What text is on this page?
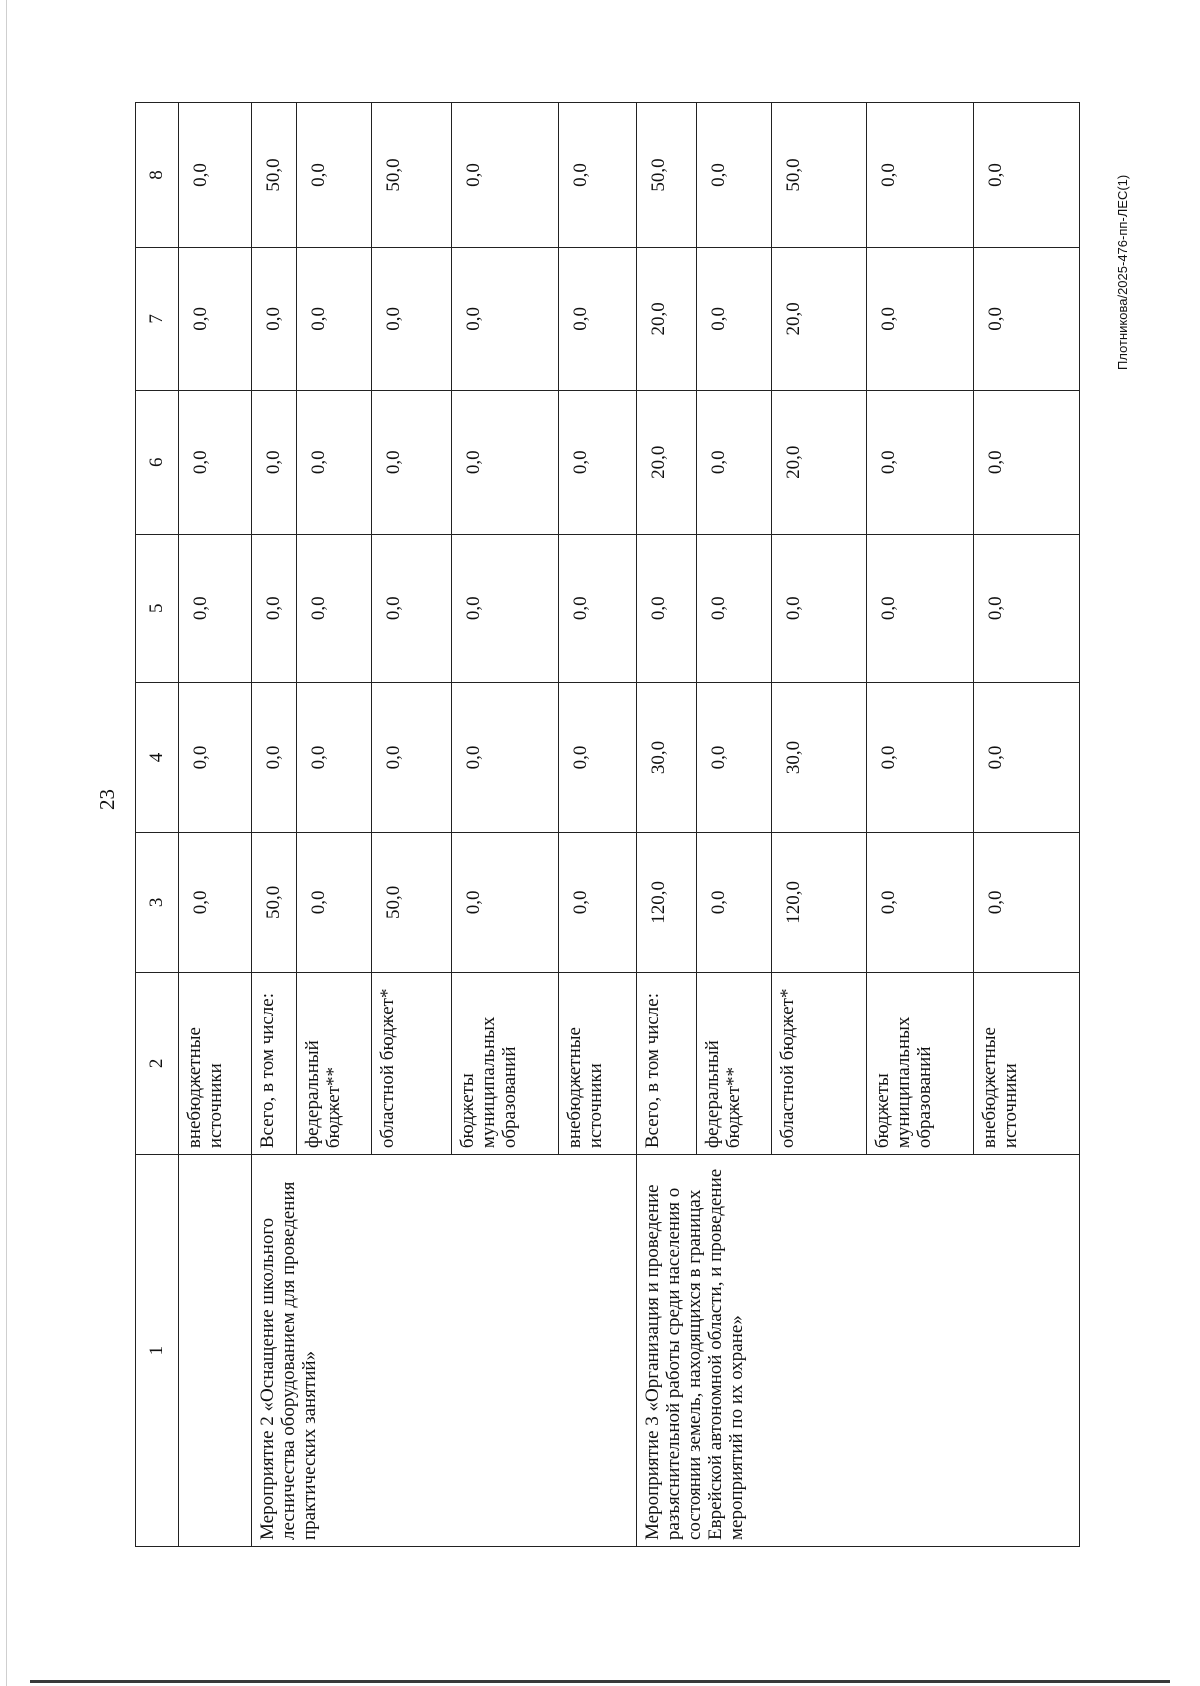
23
Плотникова/2025-476-пп-ЛЕС(1)
1	2	3	4	5	6	7	8
	внебюджетные источники	0,0	0,0	0,0	0,0	0,0	0,0
Мероприятие 2 «Оснащение школьного лесничества оборудованием для проведения практических занятий»	Всего, в том числе:	50,0	0,0	0,0	0,0	0,0	50,0
	федеральный бюджет**	0,0	0,0	0,0	0,0	0,0	0,0
	областной бюджет*	50,0	0,0	0,0	0,0	0,0	50,0
	бюджеты муниципальных образований	0,0	0,0	0,0	0,0	0,0	0,0
	внебюджетные источники	0,0	0,0	0,0	0,0	0,0	0,0
Мероприятие 3 «Организация и проведение разъяснительной работы среди населения о состоянии земель, находящихся в границах Еврейской автономной области, и проведение мероприятий по их охране»	Всего, в том числе:	120,0	30,0	0,0	20,0	20,0	50,0
	федеральный бюджет**	0,0	0,0	0,0	0,0	0,0	0,0
	областной бюджет*	120,0	30,0	0,0	20,0	20,0	50,0
	бюджеты муниципальных образований	0,0	0,0	0,0	0,0	0,0	0,0
	внебюджетные источники	0,0	0,0	0,0	0,0	0,0	0,0
